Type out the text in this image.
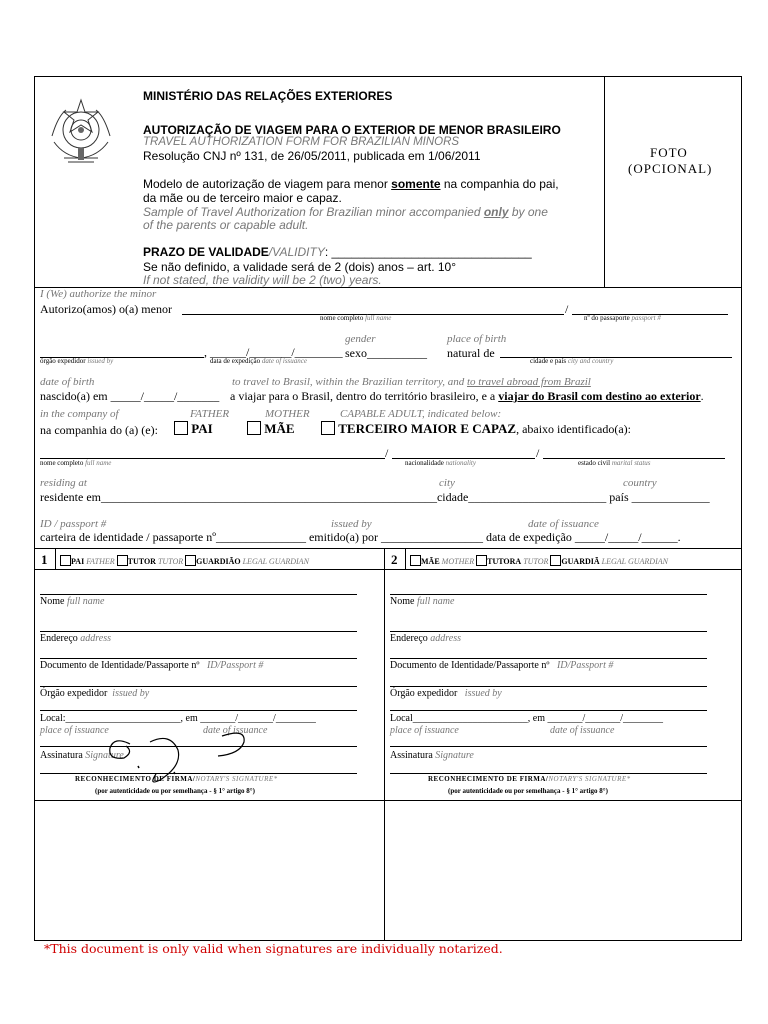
MINISTÉRIO DAS RELAÇÕES EXTERIORES
AUTORIZAÇÃO DE VIAGEM PARA O EXTERIOR DE MENOR BRASILEIRO
TRAVEL AUTHORIZATION FORM FOR BRAZILIAN MINORS
Resolução CNJ nº 131, de 26/05/2011, publicada em 1/06/2011
Modelo de autorização de viagem para menor somente na companhia do pai,
da mãe ou de terceiro maior e capaz.
Sample of Travel Authorization for Brazilian minor accompanied only by one
of the parents or capable adult.
PRAZO DE VALIDADE/VALIDITY: ______________________________
Se não definido, a validade será de 2 (dois) anos – art. 10°
If not stated, the validity will be 2 (two) years.
FOTO
(OPCIONAL)
I (We) authorize the minor
Autorizo(amos) o(a) menor	/
nome completo full name	nº do passaporte passport #
gender	place of birth
, ______/_______/________ sexo__________ natural de
órgão expedidor issued by	data de expedição date of issuance	cidade e país city and country
date of birth	to travel to Brasil, within the Brazilian territory, and to travel abroad from Brazil
nascido(a) em _____/_____/_______ a viajar para o Brasil, dentro do território brasileiro, e a viajar do Brasil com destino ao exterior.
in the company of	FATHER	MOTHER	CAPABLE ADULT, indicated below:
na companhia do (a) (e):	PAI	MÃE	TERCEIRO MAIOR E CAPAZ, abaixo identificado(a):
/	/
nome completo full name	nacionalidade nationality	estado civil marital status
residing at	city	country
residente em________________________________________________________cidade_______________________ país _____________
ID / passport #	issued by	date of issuance
carteira de identidade / passaporte nº_______________ emitido(a) por _________________ data de expedição _____/_____/______.
1	PAI FATHER TUTOR TUTOR GUARDIÃO LEGAL GUARDIAN	2	MÃE MOTHER TUTORA TUTOR GUARDIÃ LEGAL GUARDIAN
Nome full name
Endereço address
Documento de Identidade/Passaporte nº ID/Passport #
Órgão expedidor issued by
Local:_______________________, em _______/_______/________
place of issuance	date of issuance
Assinatura Signature
Nome full name
Endereço address
Documento de Identidade/Passaporte nº ID/Passport #
Órgão expedidor issued by
Local_______________________, em _______/_______/________
place of issuance	date of issuance
Assinatura Signature
RECONHECIMENTO DE FIRMA/NOTARY'S SIGNATURE*
(por autenticidade ou por semelhança - § 1° artigo 8°)
RECONHECIMENTO DE FIRMA/NOTARY'S SIGNATURE*
(por autenticidade ou por semelhança - § 1° artigo 8°)
*This document is only valid when signatures are individually notarized.
